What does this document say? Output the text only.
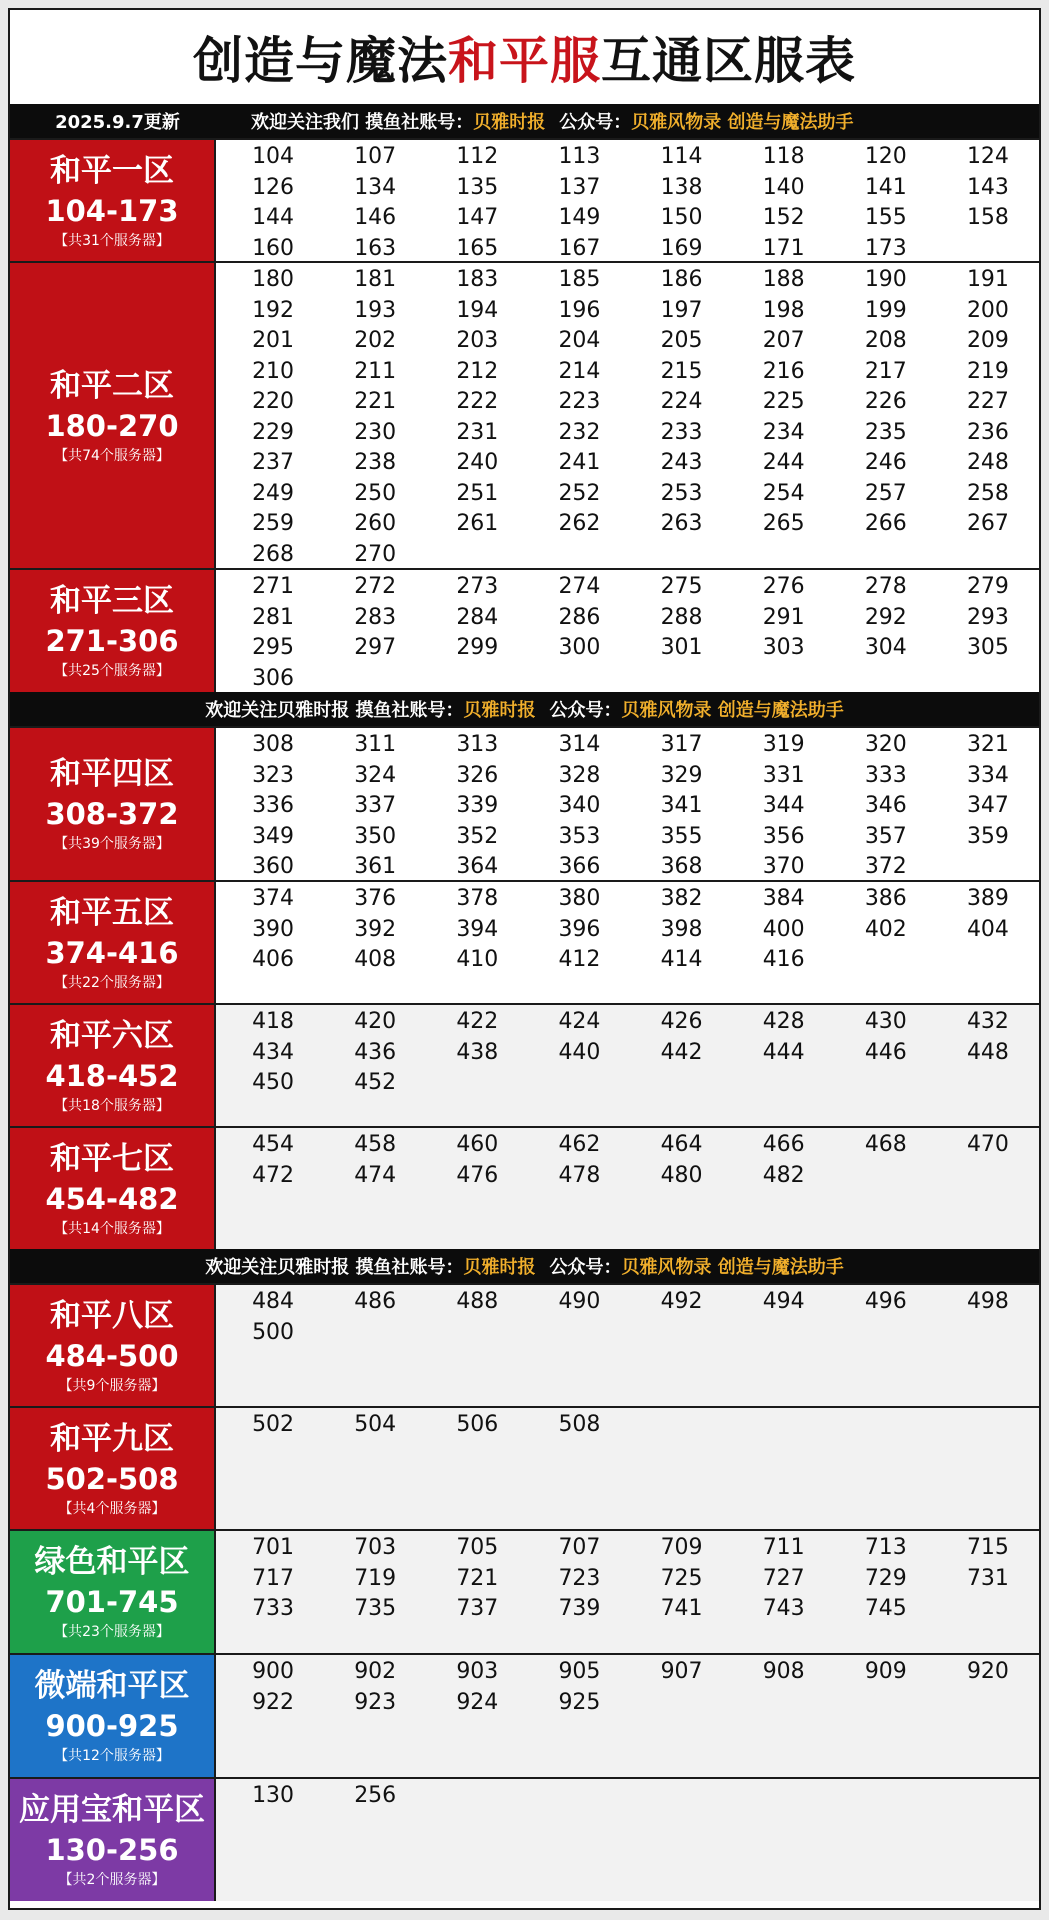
创造与魔法 和平服 互通区服表
2025.9.7更新	欢迎关注我们 摸鱼社账号：贝雅时报 公众号：贝雅风物录 创造与魔法助手
和平一区
104-173
【共31个服务器】
104	107	112	113	114	118	120	124
126	134	135	137	138	140	141	143
144	146	147	149	150	152	155	158
160	163	165	167	169	171	173
和平二区
180-270
【共74个服务器】
180	181	183	185	186	188	190	191
192	193	194	196	197	198	199	200
201	202	203	204	205	207	208	209
210	211	212	214	215	216	217	219
220	221	222	223	224	225	226	227
229	230	231	232	233	234	235	236
237	238	240	241	243	244	246	248
249	250	251	252	253	254	257	258
259	260	261	262	263	265	266	267
268	270
和平三区
271-306
【共25个服务器】
271	272	273	274	275	276	278	279
281	283	284	286	288	291	292	293
295	297	299	300	301	303	304	305
306
欢迎关注贝雅时报 摸鱼社账号： 贝雅时报 公众号： 贝雅风物录 创造与魔法助手
和平四区
308-372
【共39个服务器】
308	311	313	314	317	319	320	321
323	324	326	328	329	331	333	334
336	337	339	340	341	344	346	347
349	350	352	353	355	356	357	359
360	361	364	366	368	370	372
和平五区
374-416
【共22个服务器】
374	376	378	380	382	384	386	389
390	392	394	396	398	400	402	404
406	408	410	412	414	416
和平六区
418-452
【共18个服务器】
418	420	422	424	426	428	430	432
434	436	438	440	442	444	446	448
450	452
和平七区
454-482
【共14个服务器】
454	458	460	462	464	466	468	470
472	474	476	478	480	482
欢迎关注贝雅时报 摸鱼社账号： 贝雅时报 公众号： 贝雅风物录 创造与魔法助手
和平八区
484-500
【共9个服务器】
484	486	488	490	492	494	496	498
500
和平九区
502-508
【共4个服务器】
502	504	506	508
绿色和平区
701-745
【共23个服务器】
701	703	705	707	709	711	713	715
717	719	721	723	725	727	729	731
733	735	737	739	741	743	745
微端和平区
900-925
【共12个服务器】
900	902	903	905	907	908	909	920
922	923	924	925
应用宝和平区
130-256
【共2个服务器】
130	256
